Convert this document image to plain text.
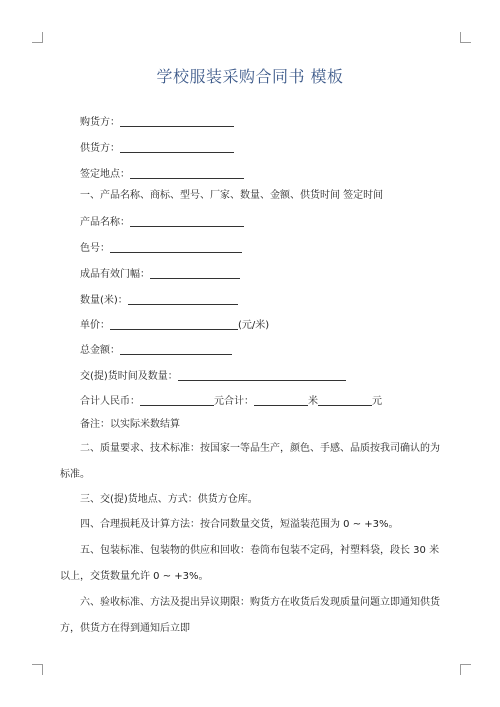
学校服装采购合同书 模板
购货方：
供货方：
签定地点：
一、产品名称、商标、型号、厂家、数量、金额、供货时间 签定时间
产品名称：
色号：
成品有效门幅：
数量(米)：
单价：	(元/米)
总金额：
交(提)货时间及数量：
合计人民币：	元合计：	米	元
备注：以实际米数结算
二、质量要求、技术标准：按国家一等品生产，颜色、手感、品质按我司确认的为标准。
三、交(提)货地点、方式：供货方仓库。
四、合理损耗及计算方法：按合同数量交货，短溢装范围为 0 ~ +3%。
五、包装标准、包装物的供应和回收：卷筒布包装不定码，衬塑料袋，段长 30 米以上，交货数量允许 0 ~ +3%。
六、验收标准、方法及提出异议期限：购货方在收货后发现质量问题立即通知供货方，供货方在得到通知后立即
